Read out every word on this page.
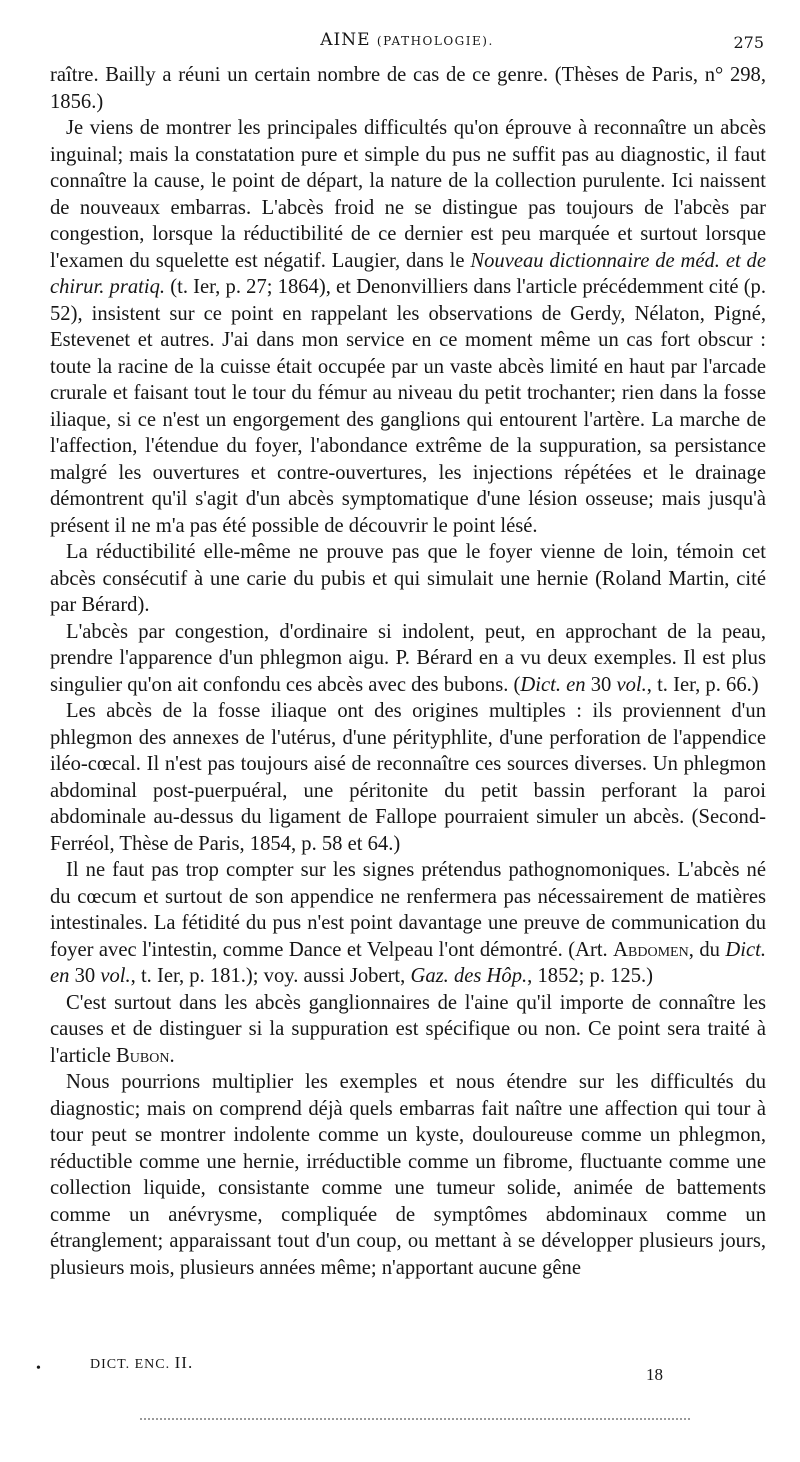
AINE (PATHOLOGIE).	275

raître. Bailly a réuni un certain nombre de cas de ce genre. (Thèses de Paris, n° 298, 1856.)

Je viens de montrer les principales difficultés qu'on éprouve à reconnaître un abcès inguinal; mais la constatation pure et simple du pus ne suffit pas au diagnostic, il faut connaître la cause, le point de départ, la nature de la collection purulente. Ici naissent de nouveaux embarras. L'abcès froid ne se distingue pas toujours de l'abcès par congestion, lorsque la réductibilité de ce dernier est peu marquée et surtout lorsque l'examen du squelette est négatif. Laugier, dans le Nouveau dictionnaire de méd. et de chirur. pratiq. (t. Ier, p. 27; 1864), et Denonvilliers dans l'article précédemment cité (p. 52), insistent sur ce point en rappelant les observations de Gerdy, Nélaton, Pigné, Estevenet et autres. J'ai dans mon service en ce moment même un cas fort obscur : toute la racine de la cuisse était occupée par un vaste abcès limité en haut par l'arcade crurale et faisant tout le tour du fémur au niveau du petit trochanter; rien dans la fosse iliaque, si ce n'est un engorgement des ganglions qui entourent l'artère. La marche de l'affection, l'étendue du foyer, l'abondance extrême de la suppuration, sa persistance malgré les ouvertures et contre-ouvertures, les injections répétées et le drainage démontrent qu'il s'agit d'un abcès symptomatique d'une lésion osseuse; mais jusqu'à présent il ne m'a pas été possible de découvrir le point lésé.

La réductibilité elle-même ne prouve pas que le foyer vienne de loin, témoin cet abcès consécutif à une carie du pubis et qui simulait une hernie (Roland Martin, cité par Bérard).

L'abcès par congestion, d'ordinaire si indolent, peut, en approchant de la peau, prendre l'apparence d'un phlegmon aigu. P. Bérard en a vu deux exemples. Il est plus singulier qu'on ait confondu ces abcès avec des bubons. (Dict. en 30 vol., t. Ier, p. 66.)

Les abcès de la fosse iliaque ont des origines multiples : ils proviennent d'un phlegmon des annexes de l'utérus, d'une pérityphlite, d'une perforation de l'appendice iléo-cœcal. Il n'est pas toujours aisé de reconnaître ces sources diverses. Un phlegmon abdominal post-puerpuéral, une péritonite du petit bassin perforant la paroi abdominale au-dessus du ligament de Fallope pourraient simuler un abcès. (Second-Ferréol, Thèse de Paris, 1854, p. 58 et 64.)

Il ne faut pas trop compter sur les signes prétendus pathognomoniques. L'abcès né du cœcum et surtout de son appendice ne renfermera pas nécessairement de matières intestinales. La fétidité du pus n'est point davantage une preuve de communication du foyer avec l'intestin, comme Dance et Velpeau l'ont démontré. (Art. Abdomen, du Dict. en 30 vol., t. Ier, p. 181.); voy. aussi Jobert, Gaz. des Hôp., 1852; p. 125.)

C'est surtout dans les abcès ganglionnaires de l'aine qu'il importe de connaître les causes et de distinguer si la suppuration est spécifique ou non. Ce point sera traité à l'article Bubon.

Nous pourrions multiplier les exemples et nous étendre sur les difficultés du diagnostic; mais on comprend déjà quels embarras fait naître une affection qui tour à tour peut se montrer indolente comme un kyste, douloureuse comme un phlegmon, réductible comme une hernie, irréductible comme un fibrome, fluctuante comme une collection liquide, consistante comme une tumeur solide, animée de battements comme un anévrysme, compliquée de symptômes abdominaux comme un étranglement; apparaissant tout d'un coup, ou mettant à se développer plusieurs jours, plusieurs mois, plusieurs années même; n'apportant aucune gêne

•	DICT. ENC. II.
18
